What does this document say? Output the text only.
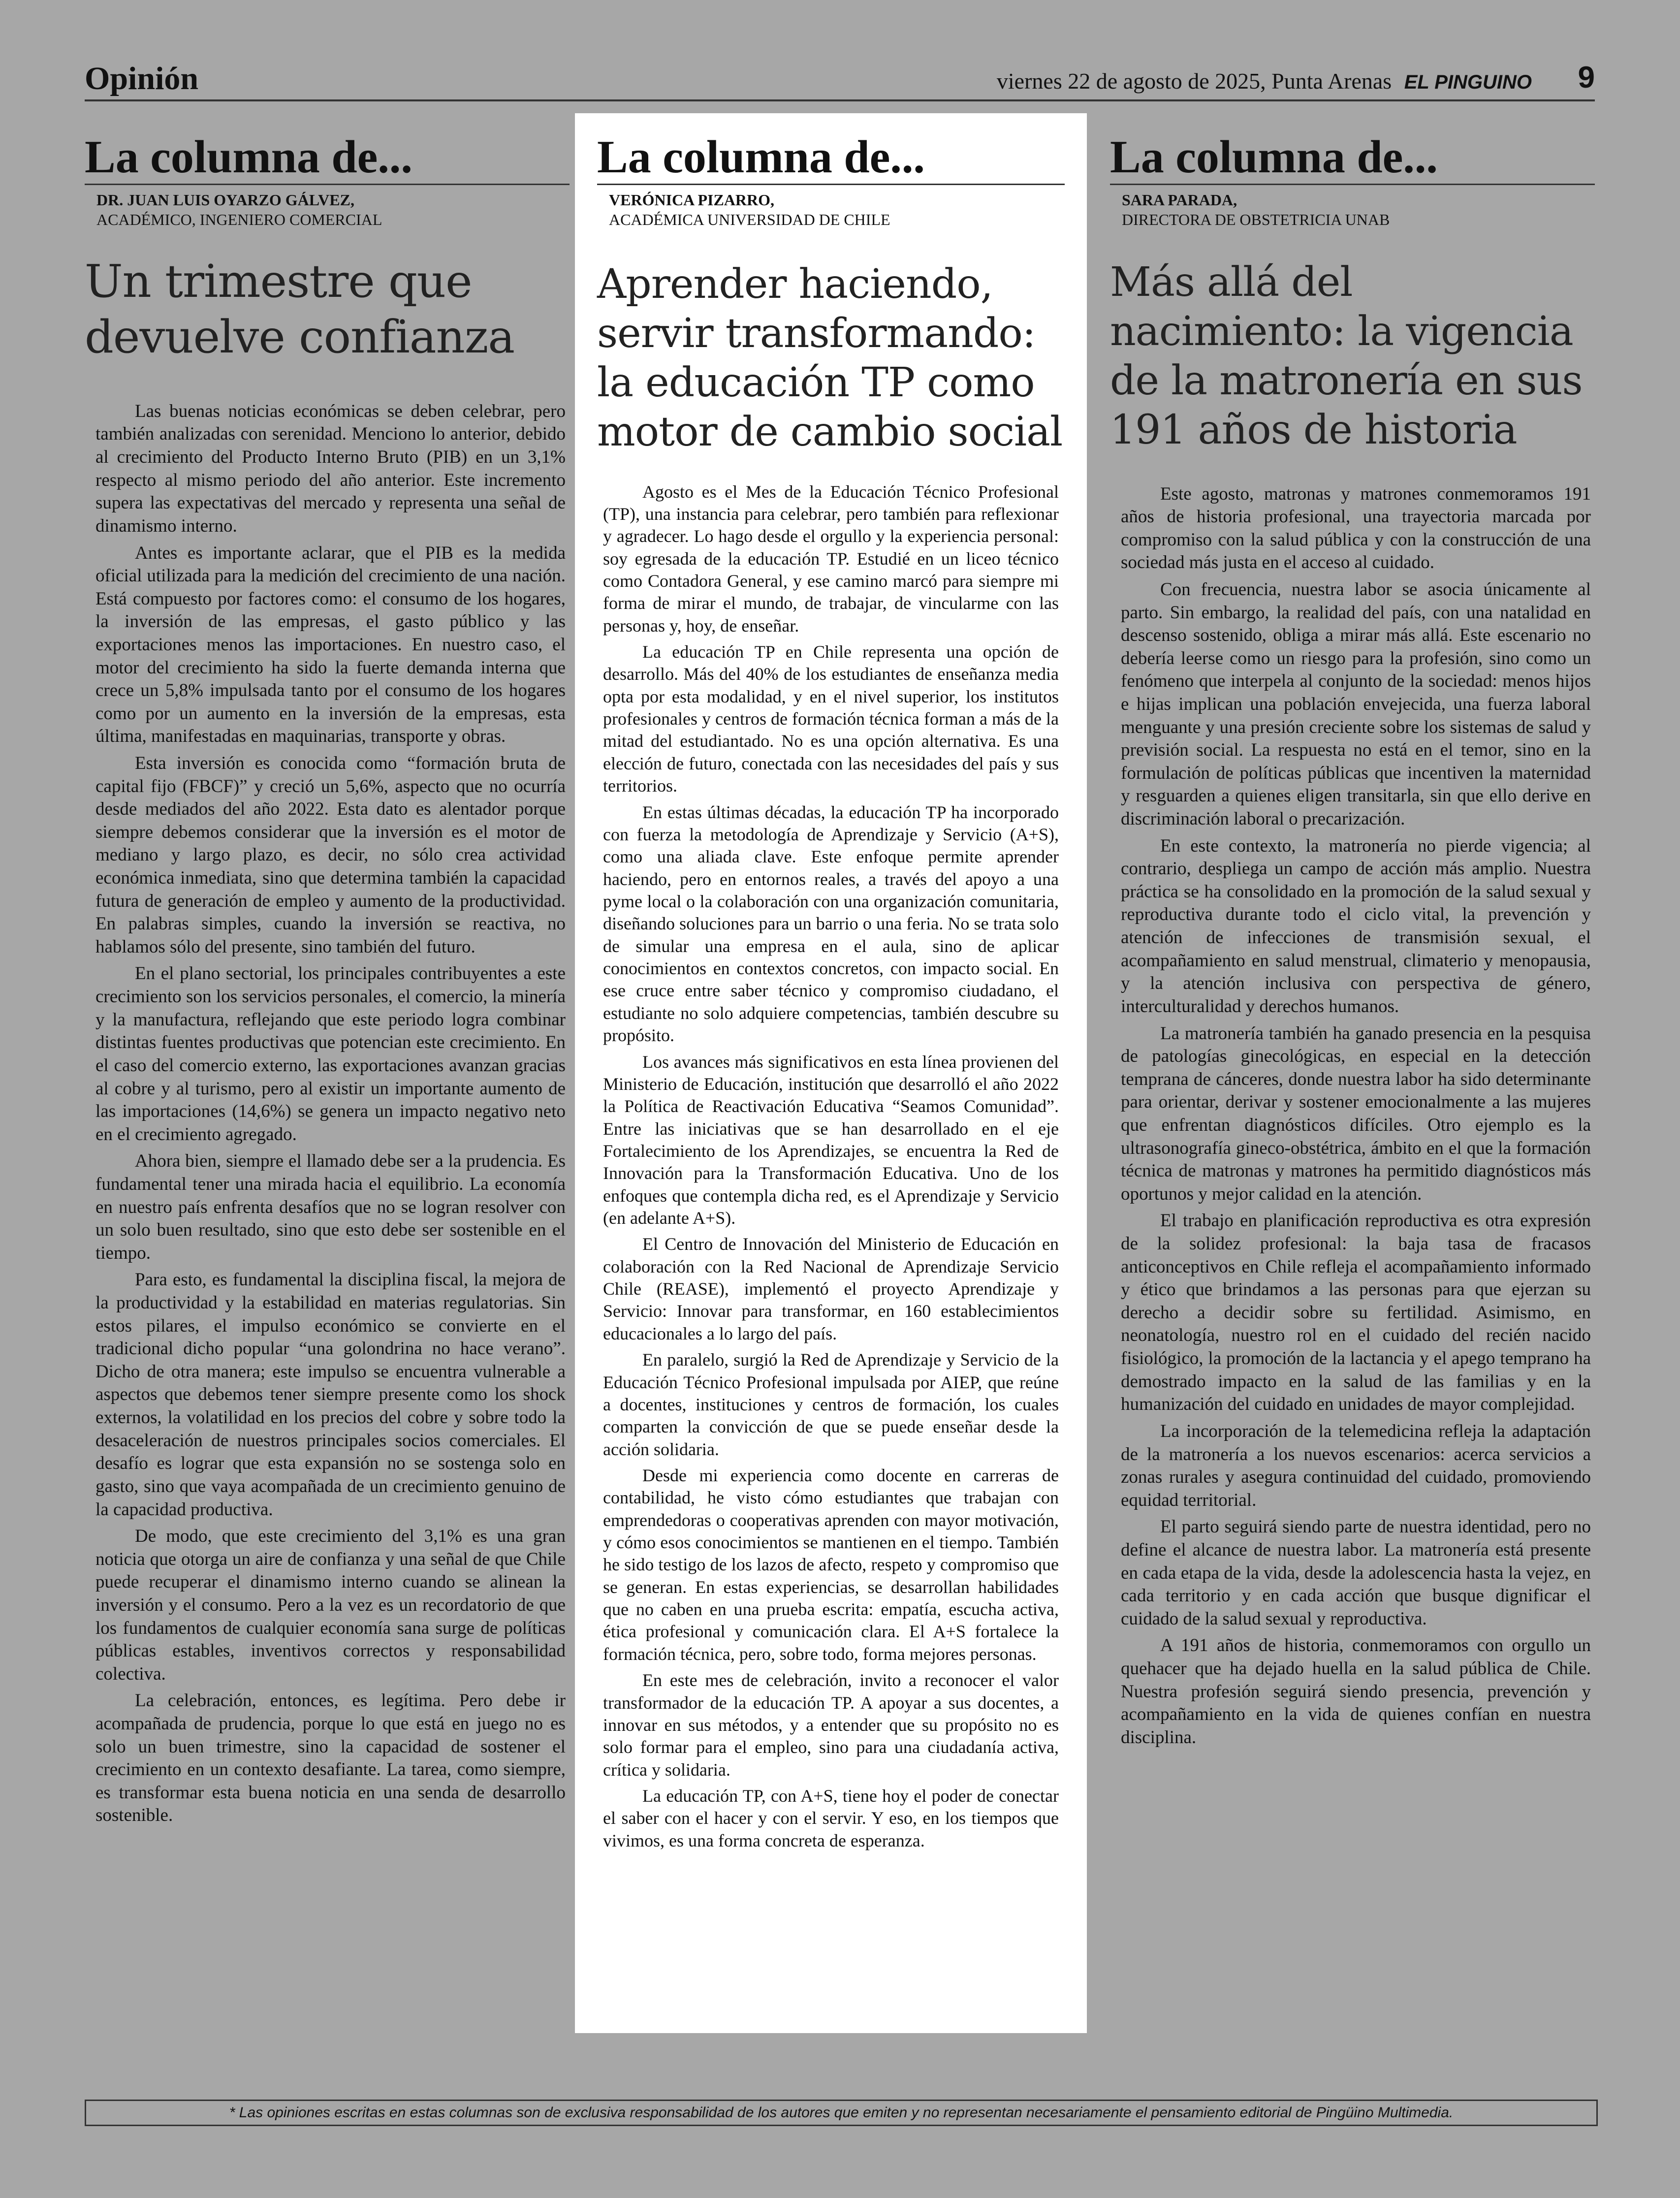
Opinión	viernes 22 de agosto de 2025, Punta Arenas EL PINGUINO 9
La columna de...
DR. JUAN LUIS OYARZO GÁLVEZ,
ACADÉMICO, INGENIERO COMERCIAL
Un trimestre que devuelve confianza

Las buenas noticias económicas se deben celebrar, pero también analizadas con serenidad. Menciono lo anterior, debido al crecimiento del Producto Interno Bruto (PIB) en un 3,1% respecto al mismo periodo del año anterior. Este incremento supera las expectativas del mercado y representa una señal de dinamismo interno.

Antes es importante aclarar, que el PIB es la medida oficial utilizada para la medición del crecimiento de una nación. Está compuesto por factores como: el consumo de los hogares, la inversión de las empresas, el gasto público y las exportaciones menos las importaciones. En nuestro caso, el motor del crecimiento ha sido la fuerte demanda interna que crece un 5,8% impulsada tanto por el consumo de los hogares como por un aumento en la inversión de la empresas, esta última, manifestadas en maquinarias, transporte y obras.

Esta inversión es conocida como “formación bruta de capital fijo (FBCF)” y creció un 5,6%, aspecto que no ocurría desde mediados del año 2022. Esta dato es alentador porque siempre debemos considerar que la inversión es el motor de mediano y largo plazo, es decir, no sólo crea actividad económica inmediata, sino que determina también la capacidad futura de generación de empleo y aumento de la productividad. En palabras simples, cuando la inversión se reactiva, no hablamos sólo del presente, sino también del futuro.

En el plano sectorial, los principales contribuyentes a este crecimiento son los servicios personales, el comercio, la minería y la manufactura, reflejando que este periodo logra combinar distintas fuentes productivas que potencian este crecimiento. En el caso del comercio externo, las exportaciones avanzan gracias al cobre y al turismo, pero al existir un importante aumento de las importaciones (14,6%) se genera un impacto negativo neto en el crecimiento agregado.

Ahora bien, siempre el llamado debe ser a la prudencia. Es fundamental tener una mirada hacia el equilibrio. La economía en nuestro país enfrenta desafíos que no se logran resolver con un solo buen resultado, sino que esto debe ser sostenible en el tiempo.

Para esto, es fundamental la disciplina fiscal, la mejora de la productividad y la estabilidad en materias regulatorias. Sin estos pilares, el impulso económico se convierte en el tradicional dicho popular “una golondrina no hace verano”. Dicho de otra manera; este impulso se encuentra vulnerable a aspectos que debemos tener siempre presente como los shock externos, la volatilidad en los precios del cobre y sobre todo la desaceleración de nuestros principales socios comerciales. El desafío es lograr que esta expansión no se sostenga solo en gasto, sino que vaya acompañada de un crecimiento genuino de la capacidad productiva.

De modo, que este crecimiento del 3,1% es una gran noticia que otorga un aire de confianza y una señal de que Chile puede recuperar el dinamismo interno cuando se alinean la inversión y el consumo. Pero a la vez es un recordatorio de que los fundamentos de cualquier economía sana surge de políticas públicas estables, inventivos correctos y responsabilidad colectiva.

La celebración, entonces, es legítima. Pero debe ir acompañada de prudencia, porque lo que está en juego no es solo un buen trimestre, sino la capacidad de sostener el crecimiento en un contexto desafiante. La tarea, como siempre, es transformar esta buena noticia en una senda de desarrollo sostenible.

La columna de...
VERÓNICA PIZARRO,
ACADÉMICA UNIVERSIDAD DE CHILE
Aprender haciendo, servir transformando: la educación TP como motor de cambio social

Agosto es el Mes de la Educación Técnico Profesional (TP), una instancia para celebrar, pero también para reflexionar y agradecer. Lo hago desde el orgullo y la experiencia personal: soy egresada de la educación TP. Estudié en un liceo técnico como Contadora General, y ese camino marcó para siempre mi forma de mirar el mundo, de trabajar, de vincularme con las personas y, hoy, de enseñar.

La educación TP en Chile representa una opción de desarrollo. Más del 40% de los estudiantes de enseñanza media opta por esta modalidad, y en el nivel superior, los institutos profesionales y centros de formación técnica forman a más de la mitad del estudiantado. No es una opción alternativa. Es una elección de futuro, conectada con las necesidades del país y sus territorios.

En estas últimas décadas, la educación TP ha incorporado con fuerza la metodología de Aprendizaje y Servicio (A+S), como una aliada clave. Este enfoque permite aprender haciendo, pero en entornos reales, a través del apoyo a una pyme local o la colaboración con una organización comunitaria, diseñando soluciones para un barrio o una feria. No se trata solo de simular una empresa en el aula, sino de aplicar conocimientos en contextos concretos, con impacto social. En ese cruce entre saber técnico y compromiso ciudadano, el estudiante no solo adquiere competencias, también descubre su propósito.

Los avances más significativos en esta línea provienen del Ministerio de Educación, institución que desarrolló el año 2022 la Política de Reactivación Educativa “Seamos Comunidad”. Entre las iniciativas que se han desarrollado en el eje Fortalecimiento de los Aprendizajes, se encuentra la Red de Innovación para la Transformación Educativa. Uno de los enfoques que contempla dicha red, es el Aprendizaje y Servicio (en adelante A+S).

El Centro de Innovación del Ministerio de Educación en colaboración con la Red Nacional de Aprendizaje Servicio Chile (REASE), implementó el proyecto Aprendizaje y Servicio: Innovar para transformar, en 160 establecimientos educacionales a lo largo del país.

En paralelo, surgió la Red de Aprendizaje y Servicio de la Educación Técnico Profesional impulsada por AIEP, que reúne a docentes, instituciones y centros de formación, los cuales comparten la convicción de que se puede enseñar desde la acción solidaria.

Desde mi experiencia como docente en carreras de contabilidad, he visto cómo estudiantes que trabajan con emprendedoras o cooperativas aprenden con mayor motivación, y cómo esos conocimientos se mantienen en el tiempo. También he sido testigo de los lazos de afecto, respeto y compromiso que se generan. En estas experiencias, se desarrollan habilidades que no caben en una prueba escrita: empatía, escucha activa, ética profesional y comunicación clara. El A+S fortalece la formación técnica, pero, sobre todo, forma mejores personas.

En este mes de celebración, invito a reconocer el valor transformador de la educación TP. A apoyar a sus docentes, a innovar en sus métodos, y a entender que su propósito no es solo formar para el empleo, sino para una ciudadanía activa, crítica y solidaria.

La educación TP, con A+S, tiene hoy el poder de conectar el saber con el hacer y con el servir. Y eso, en los tiempos que vivimos, es una forma concreta de esperanza.

La columna de...
SARA PARADA,
DIRECTORA DE OBSTETRICIA UNAB
Más allá del nacimiento: la vigencia de la matronería en sus 191 años de historia

Este agosto, matronas y matrones conmemoramos 191 años de historia profesional, una trayectoria marcada por compromiso con la salud pública y con la construcción de una sociedad más justa en el acceso al cuidado.

Con frecuencia, nuestra labor se asocia únicamente al parto. Sin embargo, la realidad del país, con una natalidad en descenso sostenido, obliga a mirar más allá. Este escenario no debería leerse como un riesgo para la profesión, sino como un fenómeno que interpela al conjunto de la sociedad: menos hijos e hijas implican una población envejecida, una fuerza laboral menguante y una presión creciente sobre los sistemas de salud y previsión social. La respuesta no está en el temor, sino en la formulación de políticas públicas que incentiven la maternidad y resguarden a quienes eligen transitarla, sin que ello derive en discriminación laboral o precarización.

En este contexto, la matronería no pierde vigencia; al contrario, despliega un campo de acción más amplio. Nuestra práctica se ha consolidado en la promoción de la salud sexual y reproductiva durante todo el ciclo vital, la prevención y atención de infecciones de transmisión sexual, el acompañamiento en salud menstrual, climaterio y menopausia, y la atención inclusiva con perspectiva de género, interculturalidad y derechos humanos.

La matronería también ha ganado presencia en la pesquisa de patologías ginecológicas, en especial en la detección temprana de cánceres, donde nuestra labor ha sido determinante para orientar, derivar y sostener emocionalmente a las mujeres que enfrentan diagnósticos difíciles. Otro ejemplo es la ultrasonografía gineco-obstétrica, ámbito en el que la formación técnica de matronas y matrones ha permitido diagnósticos más oportunos y mejor calidad en la atención.

El trabajo en planificación reproductiva es otra expresión de la solidez profesional: la baja tasa de fracasos anticonceptivos en Chile refleja el acompañamiento informado y ético que brindamos a las personas para que ejerzan su derecho a decidir sobre su fertilidad. Asimismo, en neonatología, nuestro rol en el cuidado del recién nacido fisiológico, la promoción de la lactancia y el apego temprano ha demostrado impacto en la salud de las familias y en la humanización del cuidado en unidades de mayor complejidad.

La incorporación de la telemedicina refleja la adaptación de la matronería a los nuevos escenarios: acerca servicios a zonas rurales y asegura continuidad del cuidado, promoviendo equidad territorial.

El parto seguirá siendo parte de nuestra identidad, pero no define el alcance de nuestra labor. La matronería está presente en cada etapa de la vida, desde la adolescencia hasta la vejez, en cada territorio y en cada acción que busque dignificar el cuidado de la salud sexual y reproductiva.

A 191 años de historia, conmemoramos con orgullo un quehacer que ha dejado huella en la salud pública de Chile. Nuestra profesión seguirá siendo presencia, prevención y acompañamiento en la vida de quienes confían en nuestra disciplina.

* Las opiniones escritas en estas columnas son de exclusiva responsabilidad de los autores que emiten y no representan necesariamente el pensamiento editorial de Pingüino Multimedia.
